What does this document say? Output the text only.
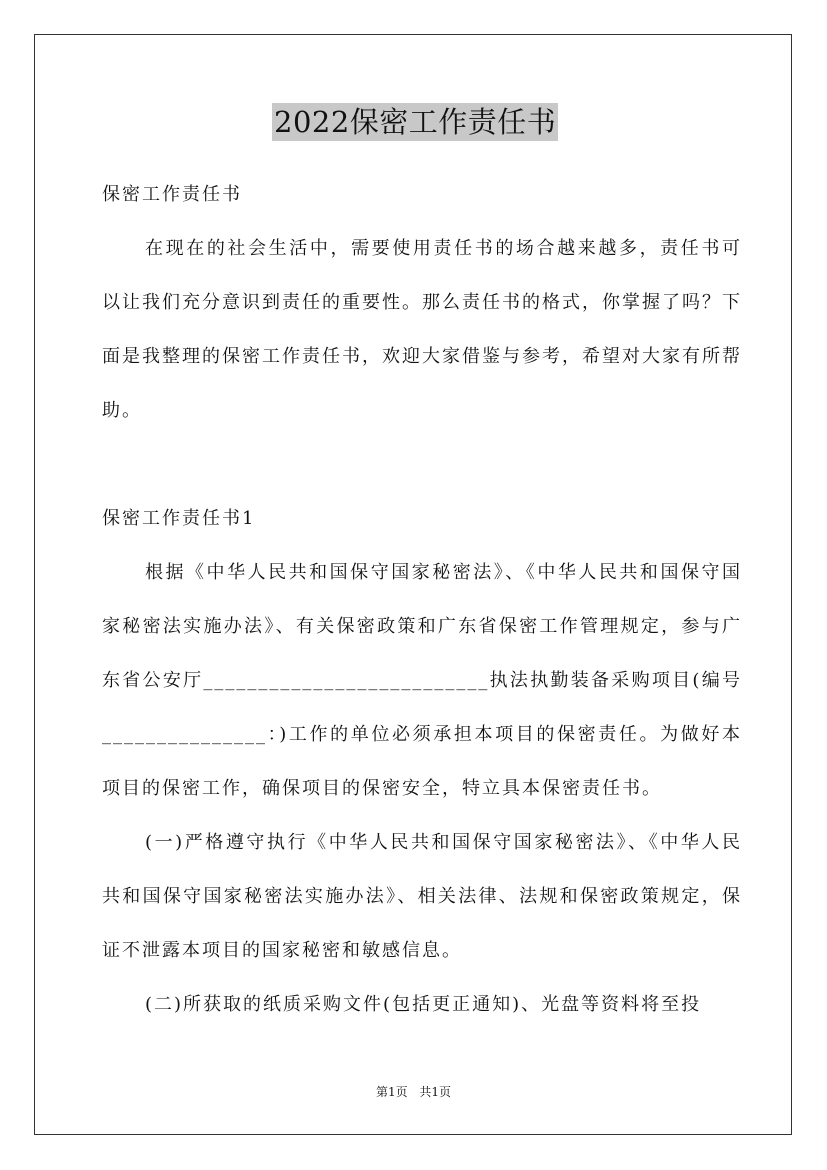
2022保密工作责任书

保密工作责任书

在现在的社会生活中，需要使用责任书的场合越来越多，责任书可以让我们充分意识到责任的重要性。那么责任书的格式，你掌握了吗？下面是我整理的保密工作责任书，欢迎大家借鉴与参考，希望对大家有所帮助。

保密工作责任书1

根据《中华人民共和国保守国家秘密法》、《中华人民共和国保守国家秘密法实施办法》、有关保密政策和广东省保密工作管理规定，参与广东省公安厅__________________________执法执勤装备采购项目(编号_______________：)工作的单位必须承担本项目的保密责任。为做好本项目的保密工作，确保项目的保密安全，特立具本保密责任书。

(一)严格遵守执行《中华人民共和国保守国家秘密法》、《中华人民共和国保守国家秘密法实施办法》、相关法律、法规和保密政策规定，保证不泄露本项目的国家秘密和敏感信息。

(二)所获取的纸质采购文件(包括更正通知)、光盘等资料将至投

第1页 共1页
